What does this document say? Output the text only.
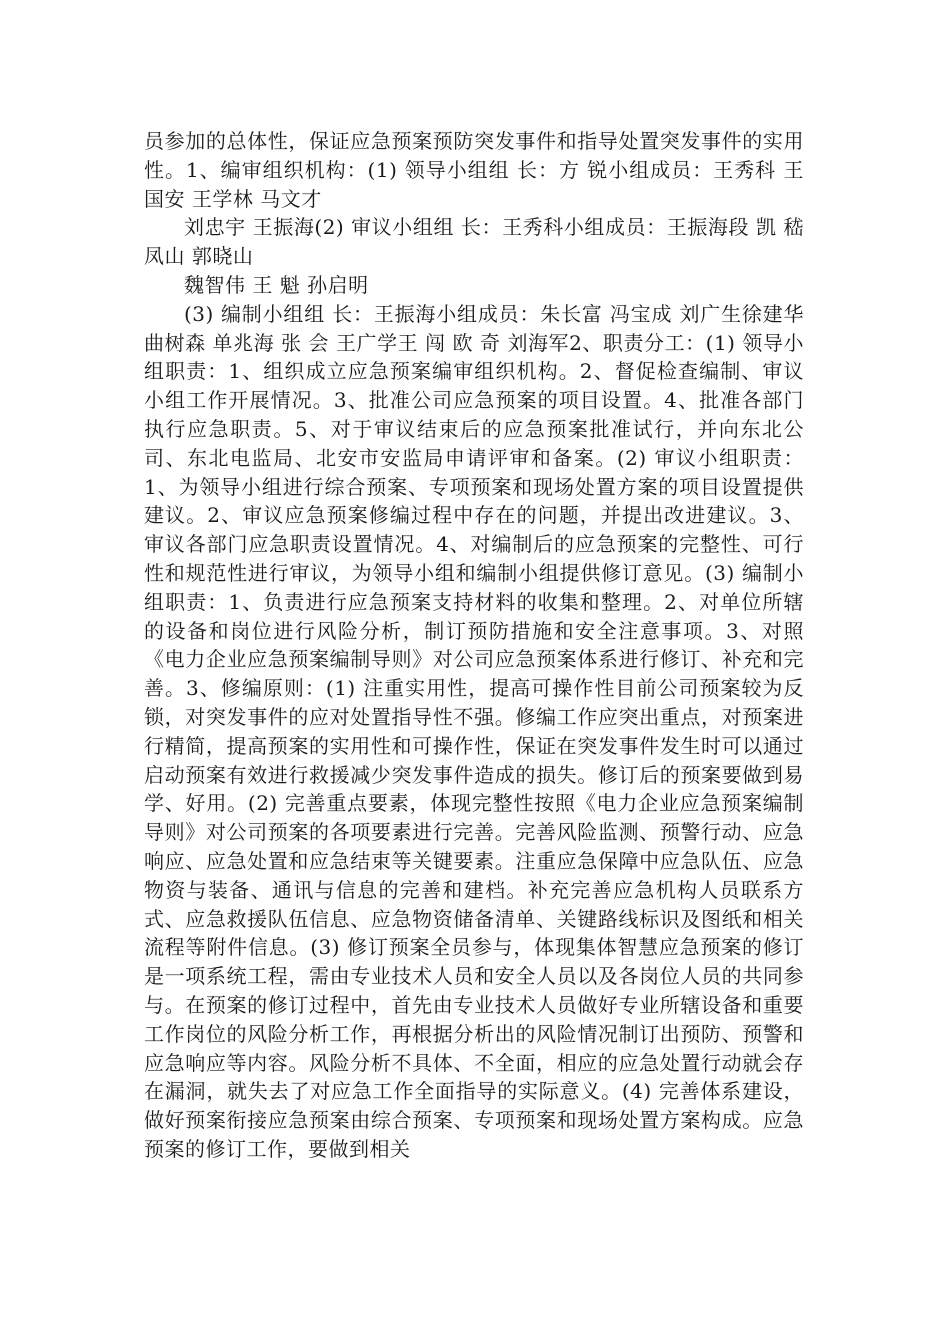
员参加的总体性，保证应急预案预防突发事件和指导处置突发事件的实用性。1、编审组织机构：(1) 领导小组组 长：方 锐小组成员：王秀科 王国安 王学林 马文才

刘忠宇 王振海(2) 审议小组组 长：王秀科小组成员：王振海段 凯 嵇凤山 郭晓山

魏智伟 王 魁 孙启明

(3) 编制小组组 长：王振海小组成员：朱长富 冯宝成 刘广生徐建华 曲树森 单兆海 张 会 王广学王 闯 欧 奇 刘海军2、职责分工：(1) 领导小组职责：1、组织成立应急预案编审组织机构。2、督促检查编制、审议小组工作开展情况。3、批准公司应急预案的项目设置。4、批准各部门执行应急职责。5、对于审议结束后的应急预案批准试行，并向东北公司、东北电监局、北安市安监局申请评审和备案。(2) 审议小组职责：1、为领导小组进行综合预案、专项预案和现场处置方案的项目设置提供建议。2、审议应急预案修编过程中存在的问题，并提出改进建议。3、审议各部门应急职责设置情况。4、对编制后的应急预案的完整性、可行性和规范性进行审议，为领导小组和编制小组提供修订意见。(3) 编制小组职责：1、负责进行应急预案支持材料的收集和整理。2、对单位所辖的设备和岗位进行风险分析，制订预防措施和安全注意事项。3、对照《电力企业应急预案编制导则》对公司应急预案体系进行修订、补充和完善。3、修编原则：(1) 注重实用性，提高可操作性目前公司预案较为反锁，对突发事件的应对处置指导性不强。修编工作应突出重点，对预案进行精简，提高预案的实用性和可操作性，保证在突发事件发生时可以通过启动预案有效进行救援减少突发事件造成的损失。修订后的预案要做到易学、好用。(2) 完善重点要素，体现完整性按照《电力企业应急预案编制导则》对公司预案的各项要素进行完善。完善风险监测、预警行动、应急响应、应急处置和应急结束等关键要素。注重应急保障中应急队伍、应急物资与装备、通讯与信息的完善和建档。补充完善应急机构人员联系方式、应急救援队伍信息、应急物资储备清单、关键路线标识及图纸和相关流程等附件信息。(3) 修订预案全员参与，体现集体智慧应急预案的修订是一项系统工程，需由专业技术人员和安全人员以及各岗位人员的共同参与。在预案的修订过程中，首先由专业技术人员做好专业所辖设备和重要工作岗位的风险分析工作，再根据分析出的风险情况制订出预防、预警和应急响应等内容。风险分析不具体、不全面，相应的应急处置行动就会存在漏洞，就失去了对应急工作全面指导的实际意义。(4) 完善体系建设，做好预案衔接应急预案由综合预案、专项预案和现场处置方案构成。应急预案的修订工作，要做到相关
